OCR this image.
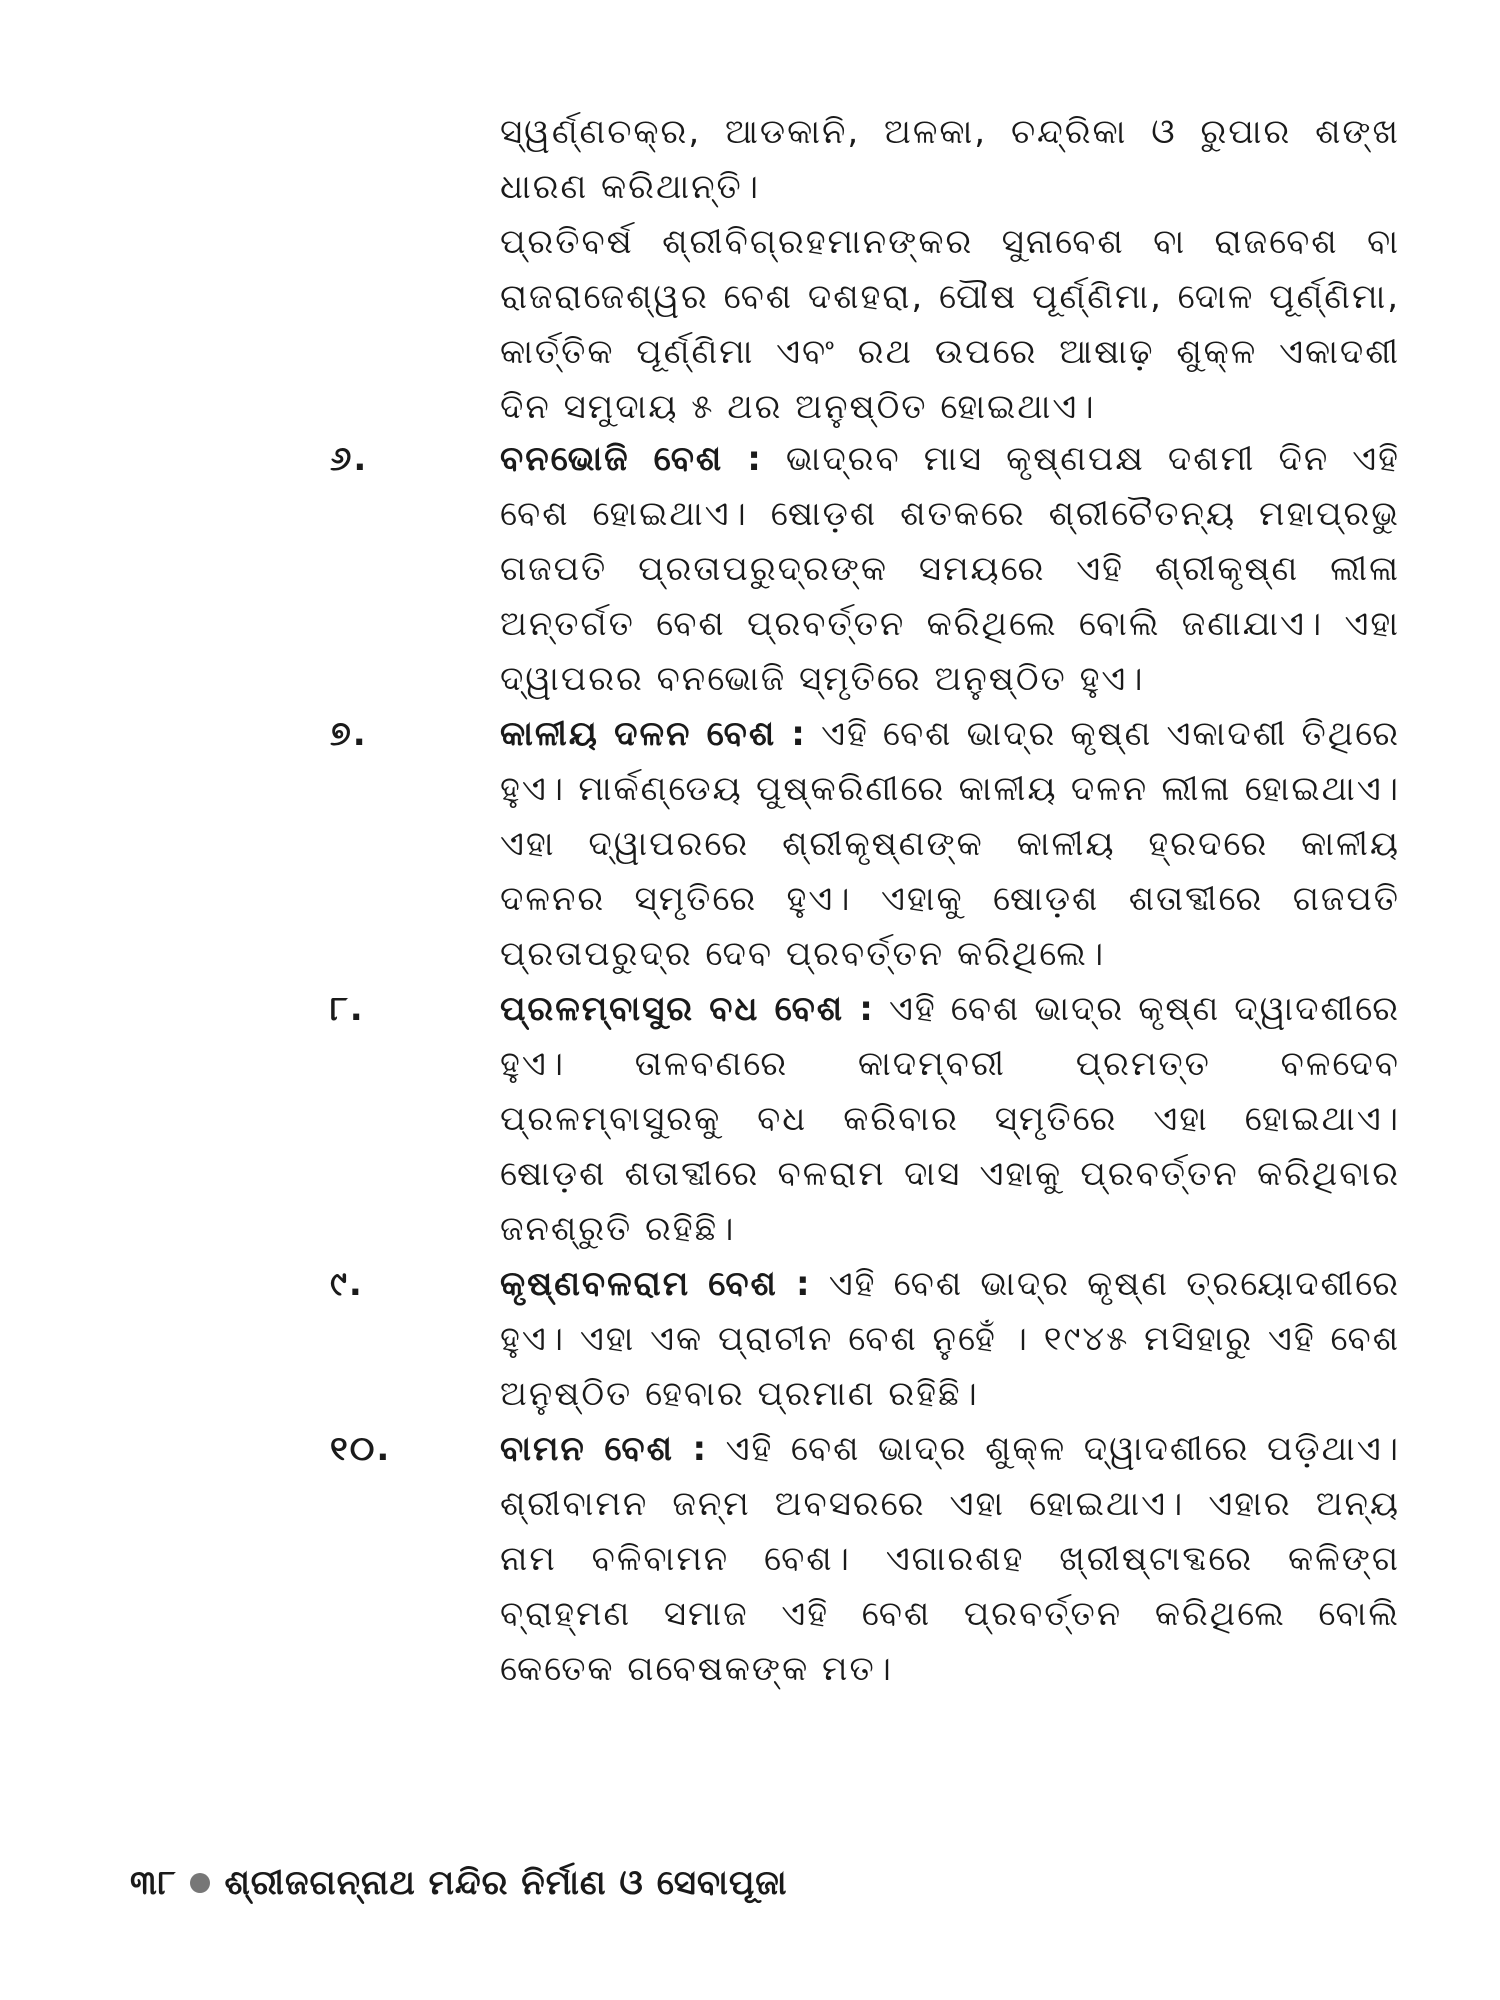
ସ୍ୱର୍ଣ୍ଣଚକ୍ର, ଆଡକାନି, ଅଳକା, ଚନ୍ଦ୍ରିକା ଓ ରୁପାର ଶଙ୍ଖ ଧାରଣ କରିଥାନ୍ତି।

ପ୍ରତିବର୍ଷ ଶ୍ରୀବିଗ୍ରହମାନଙ୍କର ସୁନାବେଶ ବା ରାଜବେଶ ବା ରାଜରାଜେଶ୍ୱର ବେଶ ଦଶହରା, ପୌଷ ପୂର୍ଣ୍ଣିମା, ଦୋଳ ପୂର୍ଣ୍ଣିମା, କାର୍ତ୍ତିକ ପୂର୍ଣ୍ଣିମା ଏବଂ ରଥ ଉପରେ ଆଷାଢ଼ ଶୁକ୍ଳ ଏକାଦଶୀ ଦିନ ସମୁଦାୟ ୫ ଥର ଅନୁଷ୍ଠିତ ହୋଇଥାଏ।

୬.	ବନଭୋଜି ବେଶ : ଭାଦ୍ରବ ମାସ କୃଷ୍ଣପକ୍ଷ ଦଶମୀ ଦିନ ଏହି ବେଶ ହୋଇଥାଏ। ଷୋଡ଼ଶ ଶତକରେ ଶ୍ରୀଚୈତନ୍ୟ ମହାପ୍ରଭୁ ଗଜପତି ପ୍ରତାପରୁଦ୍ରଙ୍କ ସମୟରେ ଏହି ଶ୍ରୀକୃଷ୍ଣ ଲୀଳା ଅନ୍ତର୍ଗତ ବେଶ ପ୍ରବର୍ତ୍ତନ କରିଥିଲେ ବୋଲି ଜଣାଯାଏ। ଏହା ଦ୍ୱାପରର ବନଭୋଜି ସ୍ମୃତିରେ ଅନୁଷ୍ଠିତ ହୁଏ।
୭.	କାଳୀୟ ଦଳନ ବେଶ : ଏହି ବେଶ ଭାଦ୍ର କୃଷ୍ଣ ଏକାଦଶୀ ତିଥିରେ ହୁଏ। ମାର୍କଣ୍ଡେୟ ପୁଷ୍କରିଣୀରେ କାଳୀୟ ଦଳନ ଲୀଳା ହୋଇଥାଏ। ଏହା ଦ୍ୱାପରରେ ଶ୍ରୀକୃଷ୍ଣଙ୍କ କାଳୀୟ ହ୍ରଦରେ କାଳୀୟ ଦଳନର ସ୍ମୃତିରେ ହୁଏ। ଏହାକୁ ଷୋଡ଼ଶ ଶତାବ୍ଦୀରେ ଗଜପତି ପ୍ରତାପରୁଦ୍ର ଦେବ ପ୍ରବର୍ତ୍ତନ କରିଥିଲେ।
୮.	ପ୍ରଳମ୍ବାସୁର ବଧ ବେଶ : ଏହି ବେଶ ଭାଦ୍ର କୃଷ୍ଣ ଦ୍ୱାଦଶୀରେ ହୁଏ। ତାଳବଣରେ କାଦମ୍ବରୀ ପ୍ରମତ୍ତ ବଳଦେବ ପ୍ରଳମ୍ବାସୁରକୁ ବଧ କରିବାର ସ୍ମୃତିରେ ଏହା ହୋଇଥାଏ। ଷୋଡ଼ଶ ଶତାବ୍ଦୀରେ ବଳରାମ ଦାସ ଏହାକୁ ପ୍ରବର୍ତ୍ତନ କରିଥିବାର ଜନଶ୍ରୁତି ରହିଛି।
୯.	କୃଷ୍ଣବଳରାମ ବେଶ : ଏହି ବେଶ ଭାଦ୍ର କୃଷ୍ଣ ତ୍ରୟୋଦଶୀରେ ହୁଏ। ଏହା ଏକ ପ୍ରାଚୀନ ବେଶ ନୁହେଁ । ୧୯୪୫ ମସିହାରୁ ଏହି ବେଶ ଅନୁଷ୍ଠିତ ହେବାର ପ୍ରମାଣ ରହିଛି।
୧୦.	ବାମନ ବେଶ : ଏହି ବେଶ ଭାଦ୍ର ଶୁକ୍ଳ ଦ୍ୱାଦଶୀରେ ପଡ଼ିଥାଏ। ଶ୍ରୀବାମନ ଜନ୍ମ ଅବସରରେ ଏହା ହୋଇଥାଏ। ଏହାର ଅନ୍ୟ ନାମ ବଳିବାମନ ବେଶ। ଏଗାରଶହ ଖ୍ରୀଷ୍ଟାବ୍ଦରେ କଳିଙ୍ଗ ବ୍ରାହ୍ମଣ ସମାଜ ଏହି ବେଶ ପ୍ରବର୍ତ୍ତନ କରିଥିଲେ ବୋଲି କେତେକ ଗବେଷକଙ୍କ ମତ।
୩୮ ଶ୍ରୀଜଗନ୍ନାଥ ମନ୍ଦିର ନିର୍ମାଣ ଓ ସେବାପୂଜା
